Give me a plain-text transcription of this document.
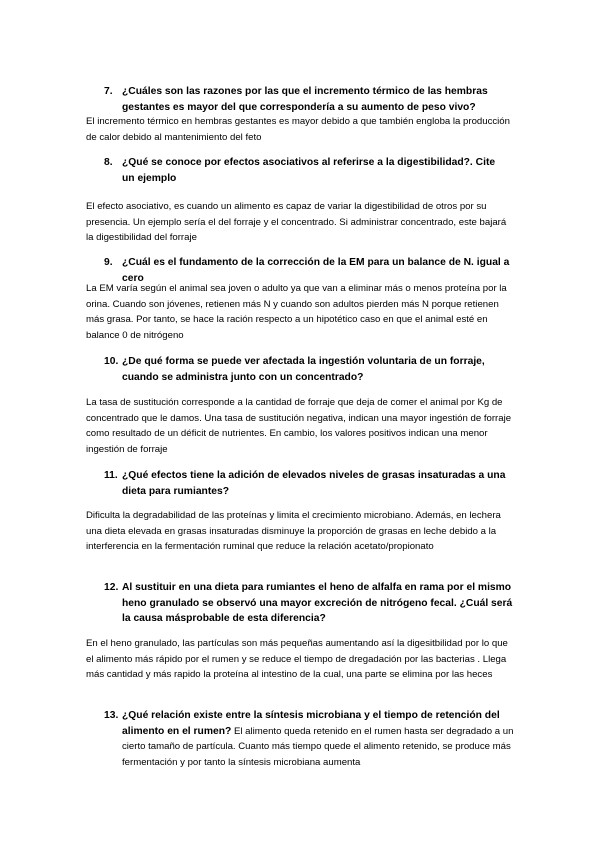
7. ¿Cuáles son las razones por las que el incremento térmico de las hembras gestantes es mayor del que correspondería a su aumento de peso vivo?
El incremento térmico en hembras gestantes es mayor debido a que también engloba la producción de calor debido al mantenimiento del feto
8. ¿Qué se conoce por efectos asociativos al referirse a la digestibilidad?. Cite un ejemplo
El efecto asociativo, es cuando un alimento es capaz de variar la digestibilidad de otros por su presencia. Un ejemplo sería el del forraje y el concentrado. Si administrar concentrado, este bajará la digestibilidad del forraje
9. ¿Cuál es el fundamento de la corrección de la EM para un balance de N. igual a cero
La EM varía según el animal sea joven o adulto ya que van a eliminar más o menos proteína por la orina. Cuando son jóvenes, retienen más N y cuando son adultos pierden más N porque retienen más grasa. Por tanto, se hace la ración respecto a un hipotético caso en que el animal esté en balance 0 de nitrógeno
10. ¿De qué forma se puede ver afectada la ingestión voluntaria de un forraje, cuando se administra junto con un concentrado?
La tasa de sustitución corresponde a la cantidad de forraje que deja de comer el animal por Kg de concentrado que le damos. Una tasa de sustitución negativa, indican una mayor ingestión de forraje como resultado de un déficit de nutrientes. En cambio, los valores positivos indican una menor ingestión de forraje
11. ¿Qué efectos tiene la adición de elevados niveles de grasas insaturadas a una dieta para rumiantes?
Dificulta la degradabilidad de las proteínas y limita el crecimiento microbiano. Además, en lechera una dieta elevada en grasas insaturadas disminuye la proporción de grasas en leche debido a la interferencia en la fermentación ruminal que reduce la relación acetato/propionato
12. Al sustituir en una dieta para rumiantes el heno de alfalfa en rama por el mismo heno granulado se observó una mayor excreción de nitrógeno fecal. ¿Cuál será la causa másprobable de esta diferencia?
En el heno granulado, las partículas son más pequeñas aumentando así la digesitbilidad por lo que el alimento más rápido por el rumen y se reduce el tiempo de dregadación por las bacterias . Llega más cantidad y más rapido la proteína al intestino de la cual, una parte se elimina por las heces
13. ¿Qué relación existe entre la síntesis microbiana y el tiempo de retención del alimento en el rumen? El alimento queda retenido en el rumen hasta ser degradado a un cierto tamaño de partícula. Cuanto más tiempo quede el alimento retenido, se produce más fermentación y por tanto la síntesis microbiana aumenta
